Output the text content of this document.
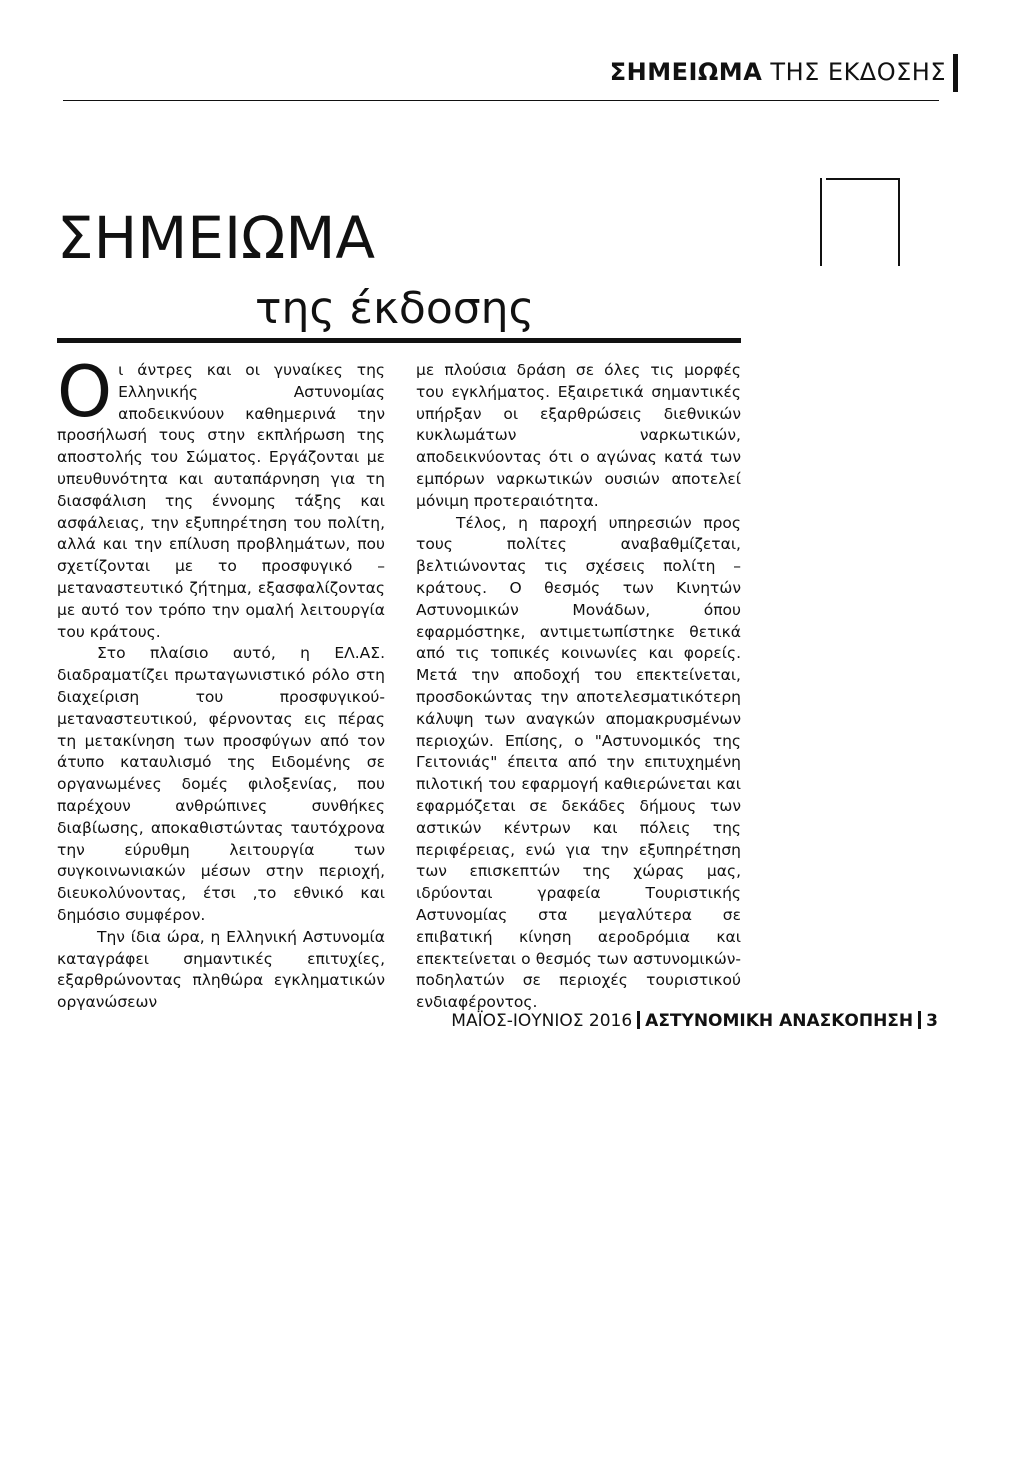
ΣΗΜΕΙΩΜΑ ΤΗΣ ΕΚΔΟΣΗΣ
ΣΗΜΕΙΩΜΑ
της έκδοσης

Οι άντρες και οι γυναίκες της Ελληνικής Αστυνομίας αποδεικνύουν καθημερινά την προσήλωσή τους στην εκπλήρωση της αποστολής του Σώματος. Εργάζονται με υπευθυνότητα και αυταπάρνηση για τη διασφάλιση της έννομης τάξης και ασφάλειας, την εξυπηρέτηση του πολίτη, αλλά και την επίλυση προβλημάτων, που σχετίζονται με το προσφυγικό – μεταναστευτικό ζήτημα, εξασφαλίζοντας με αυτό τον τρόπο την ομαλή λειτουργία του κράτους.

Στο πλαίσιο αυτό, η ΕΛ.ΑΣ. διαδραματίζει πρωταγωνιστικό ρόλο στη διαχείριση του προσφυγικού-μεταναστευτικού, φέρνοντας εις πέρας τη μετακίνηση των προσφύγων από τον άτυπο καταυλισμό της Ειδομένης σε οργανωμένες δομές φιλοξενίας, που παρέχουν ανθρώπινες συνθήκες διαβίωσης, αποκαθιστώντας ταυτόχρονα την εύρυθμη λειτουργία των συγκοινωνιακών μέσων στην περιοχή, διευκολύνοντας, έτσι ,το εθνικό και δημόσιο συμφέρον.

Την ίδια ώρα, η Ελληνική Αστυνομία καταγράφει σημαντικές επιτυχίες, εξαρθρώνοντας πληθώρα εγκληματικών οργανώσεων

με πλούσια δράση σε όλες τις μορφές του εγκλήματος. Εξαιρετικά σημαντικές υπήρξαν οι εξαρθρώσεις διεθνικών κυκλωμάτων ναρκωτικών, αποδεικνύοντας ότι ο αγώνας κατά των εμπόρων ναρκωτικών ουσιών αποτελεί μόνιμη προτεραιότητα.

Τέλος, η παροχή υπηρεσιών προς τους πολίτες αναβαθμίζεται, βελτιώνοντας τις σχέσεις πολίτη – κράτους. Ο θεσμός των Κινητών Αστυνομικών Μονάδων, όπου εφαρμόστηκε, αντιμετωπίστηκε θετικά από τις τοπικές κοινωνίες και φορείς. Μετά την αποδοχή του επεκτείνεται, προσδοκώντας την αποτελεσματικότερη κάλυψη των αναγκών απομακρυσμένων περιοχών. Επίσης, ο "Αστυνομικός της Γειτονιάς" έπειτα από την επιτυχημένη πιλοτική του εφαρμογή καθιερώνεται και εφαρμόζεται σε δεκάδες δήμους των αστικών κέντρων και πόλεις της περιφέρειας, ενώ για την εξυπηρέτηση των επισκεπτών της χώρας μας, ιδρύονται γραφεία Τουριστικής Αστυνομίας στα μεγαλύτερα σε επιβατική κίνηση αεροδρόμια και επεκτείνεται ο θεσμός των αστυνομικών-ποδηλατών σε περιοχές τουριστικού ενδιαφέροντος.

ΜΑΪΟΣ-ΙΟΥΝΙΟΣ 2016 ΑΣΤΥΝΟΜΙΚΗ ΑΝΑΣΚΟΠΗΣΗ 3
